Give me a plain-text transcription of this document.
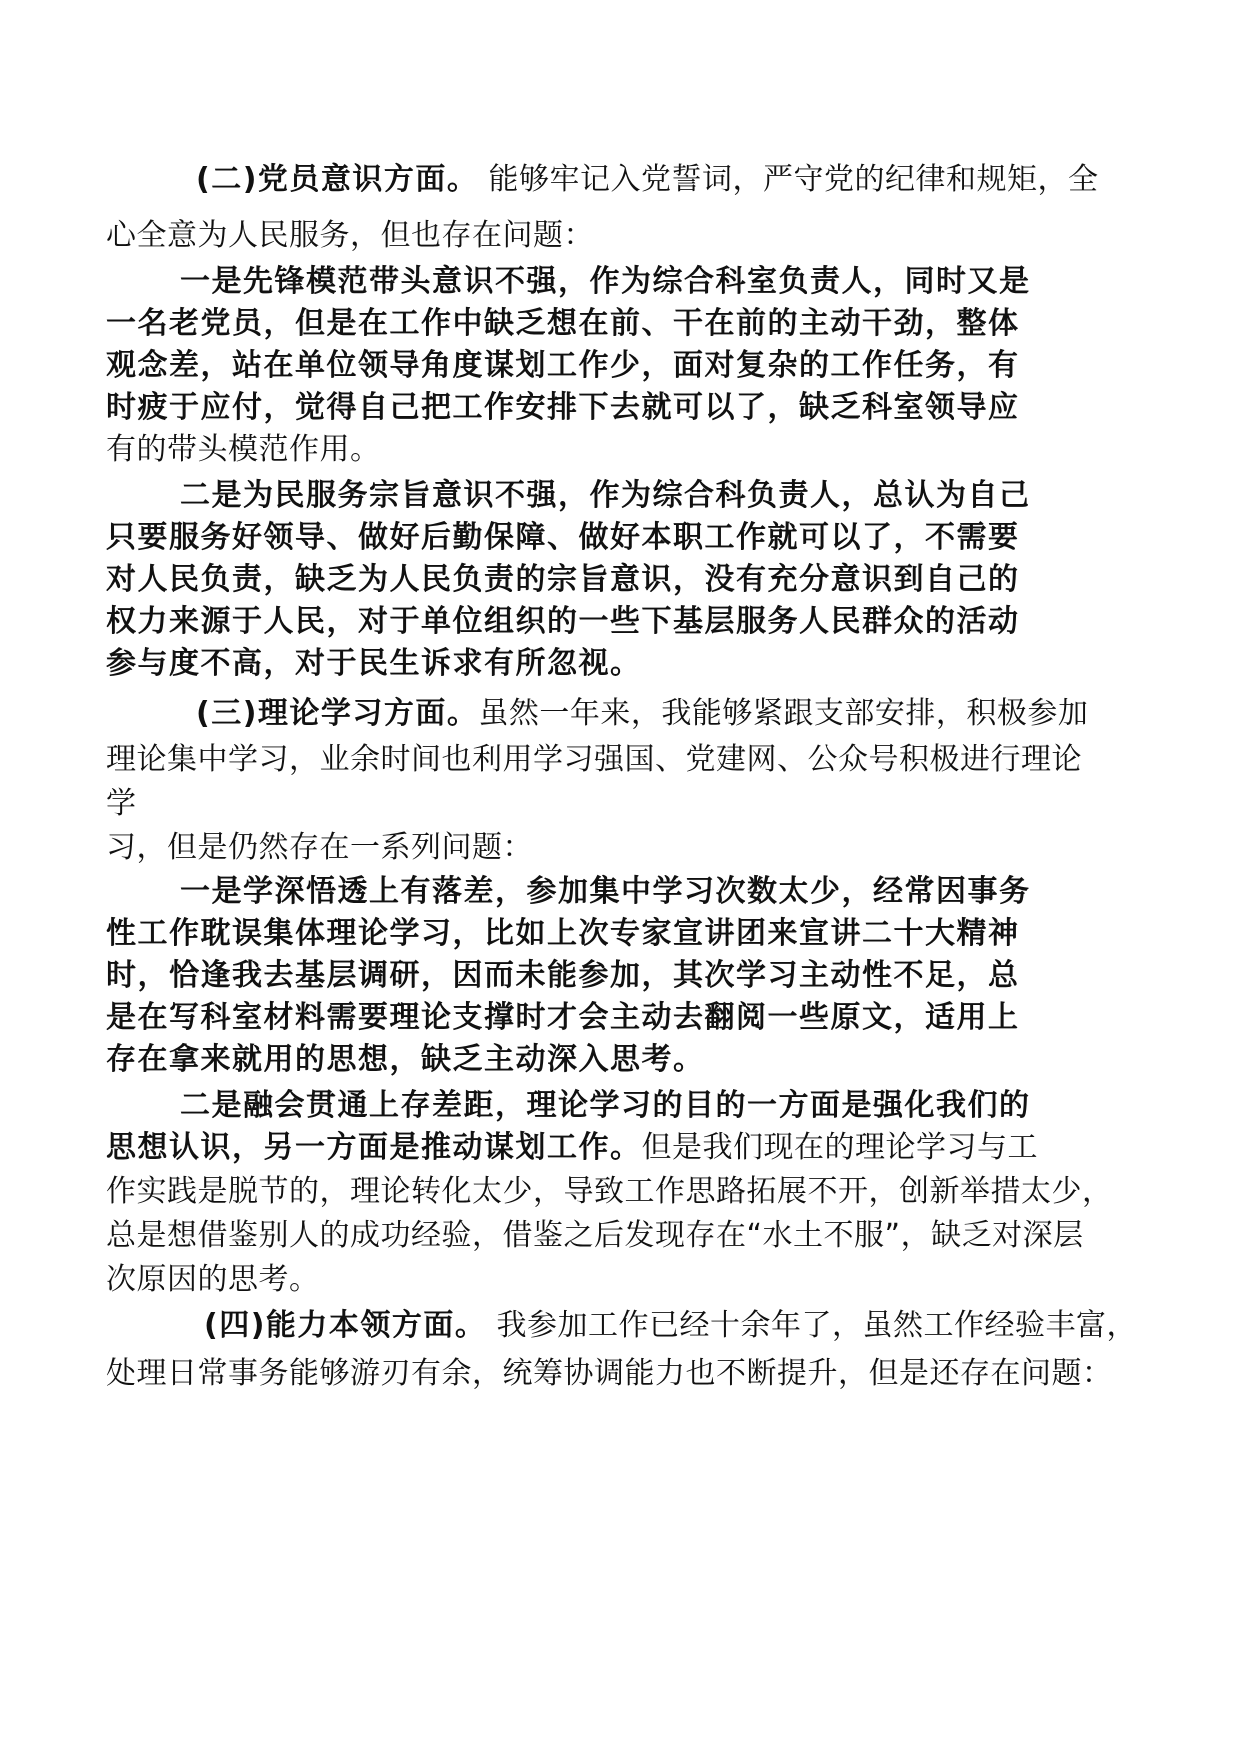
(二)党员意识方面。 能够牢记入党誓词，严守党的纪律和规矩，全
心全意为人民服务，但也存在问题：
一是先锋模范带头意识不强，作为综合科室负责人，同时又是
一名老党员，但是在工作中缺乏想在前、干在前的主动干劲，整体
观念差，站在单位领导角度谋划工作少，面对复杂的工作任务，有
时疲于应付，觉得自己把工作安排下去就可以了，缺乏科室领导应
有的带头模范作用。
二是为民服务宗旨意识不强，作为综合科负责人，总认为自己
只要服务好领导、做好后勤保障、做好本职工作就可以了，不需要
对人民负责，缺乏为人民负责的宗旨意识，没有充分意识到自己的
权力来源于人民，对于单位组织的一些下基层服务人民群众的活动
参与度不高，对于民生诉求有所忽视。
(三)理论学习方面。虽然一年来，我能够紧跟支部安排，积极参加
理论集中学习，业余时间也利用学习强国、党建网、公众号积极进行理论
学
习，但是仍然存在一系列问题：
一是学深悟透上有落差，参加集中学习次数太少，经常因事务
性工作耽误集体理论学习，比如上次专家宣讲团来宣讲二十大精神
时，恰逢我去基层调研，因而未能参加，其次学习主动性不足，总
是在写科室材料需要理论支撑时才会主动去翻阅一些原文，适用上
存在拿来就用的思想，缺乏主动深入思考。
二是融会贯通上存差距，理论学习的目的一方面是强化我们的
思想认识，另一方面是推动谋划工作。但是我们现在的理论学习与工
作实践是脱节的，理论转化太少，导致工作思路拓展不开，创新举措太少，
总是想借鉴别人的成功经验，借鉴之后发现存在“水土不服”，缺乏对深层
次原因的思考。
(四)能力本领方面。 我参加工作已经十余年了，虽然工作经验丰富，
处理日常事务能够游刃有余，统筹协调能力也不断提升，但是还存在问题：
